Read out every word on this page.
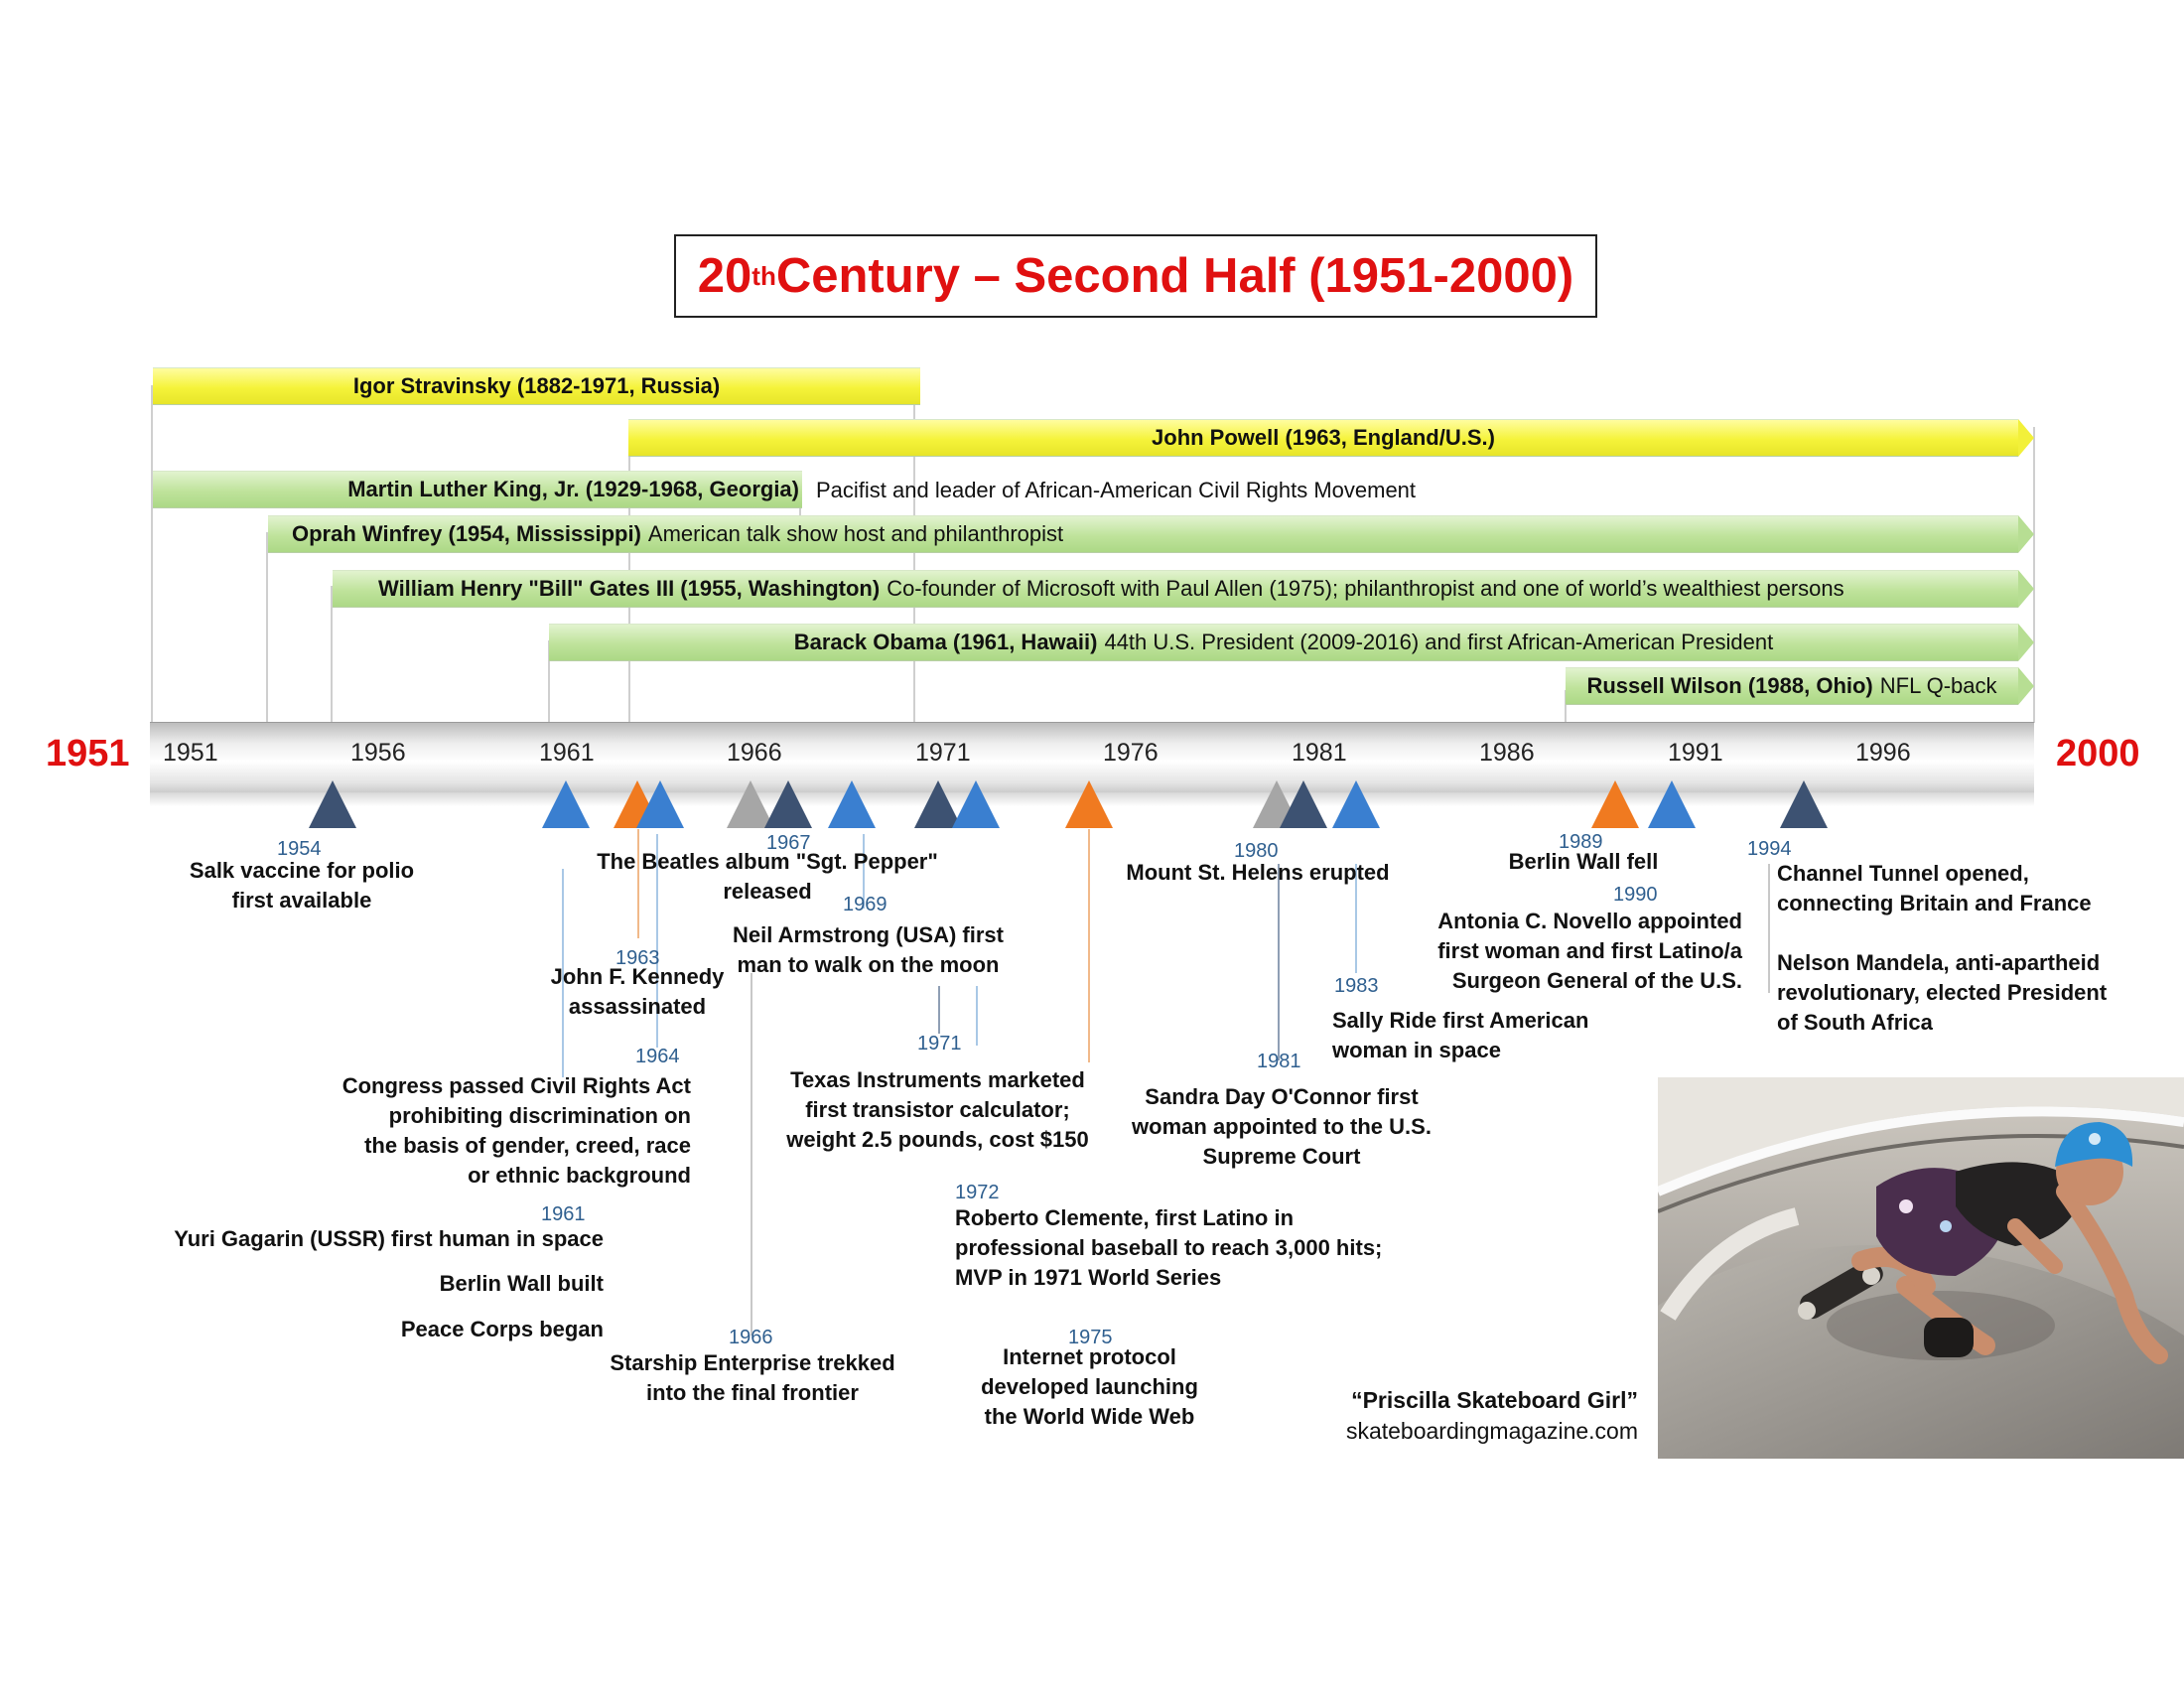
20 th Century – Second Half (1951-2000)
Igor Stravinsky (1882-1971, Russia)
John Powell (1963, England/U.S.)
Martin Luther King, Jr. (1929-1968, Georgia) Pacifist and leader of African-American Civil Rights Movement
Oprah Winfrey (1954, Mississippi) American talk show host and philanthropist
William Henry "Bill" Gates III (1955, Washington) Co-founder of Microsoft with Paul Allen (1975); philanthropist and one of world’s wealthiest persons
Barack Obama (1961, Hawaii) 44th U.S. President (2009-2016) and first African-American President
Russell Wilson (1988, Ohio) NFL Q-back
1951	2000
1951	1956	1961	1966	1971	1976	1981	1986	1991	1996
1954
Salk vaccine for polio
first available
1967
The Beatles album "Sgt. Pepper" released
1969
Neil Armstrong (USA) first
man to walk on the moon
1963
John F. Kennedy
assassinated
1964
Congress passed Civil Rights Act
prohibiting discrimination on
the basis of gender, creed, race
or ethnic background
1961
Yuri Gagarin (USSR) first human in space
Berlin Wall built
Peace Corps began	1966
Starship Enterprise trekked
into the final frontier
1971
Texas Instruments marketed
first transistor calculator;
weight 2.5 pounds, cost $150
1972
Roberto Clemente, first Latino in
professional baseball to reach 3,000 hits;
MVP in 1971 World Series
1975
Internet protocol
developed launching
the World Wide Web
1980
Mount St. Helens erupted
1981
Sandra Day O'Connor first
woman appointed to the U.S.
Supreme Court
1983
Sally Ride first American
woman in space
1989
Berlin Wall fell
1990
Antonia C. Novello appointed
first woman and first Latino/a
Surgeon General of the U.S.
1994
Channel Tunnel opened,
connecting Britain and France
Nelson Mandela, anti-apartheid
revolutionary, elected President
of South Africa
“Priscilla Skateboard Girl”
skateboardingmagazine.com
